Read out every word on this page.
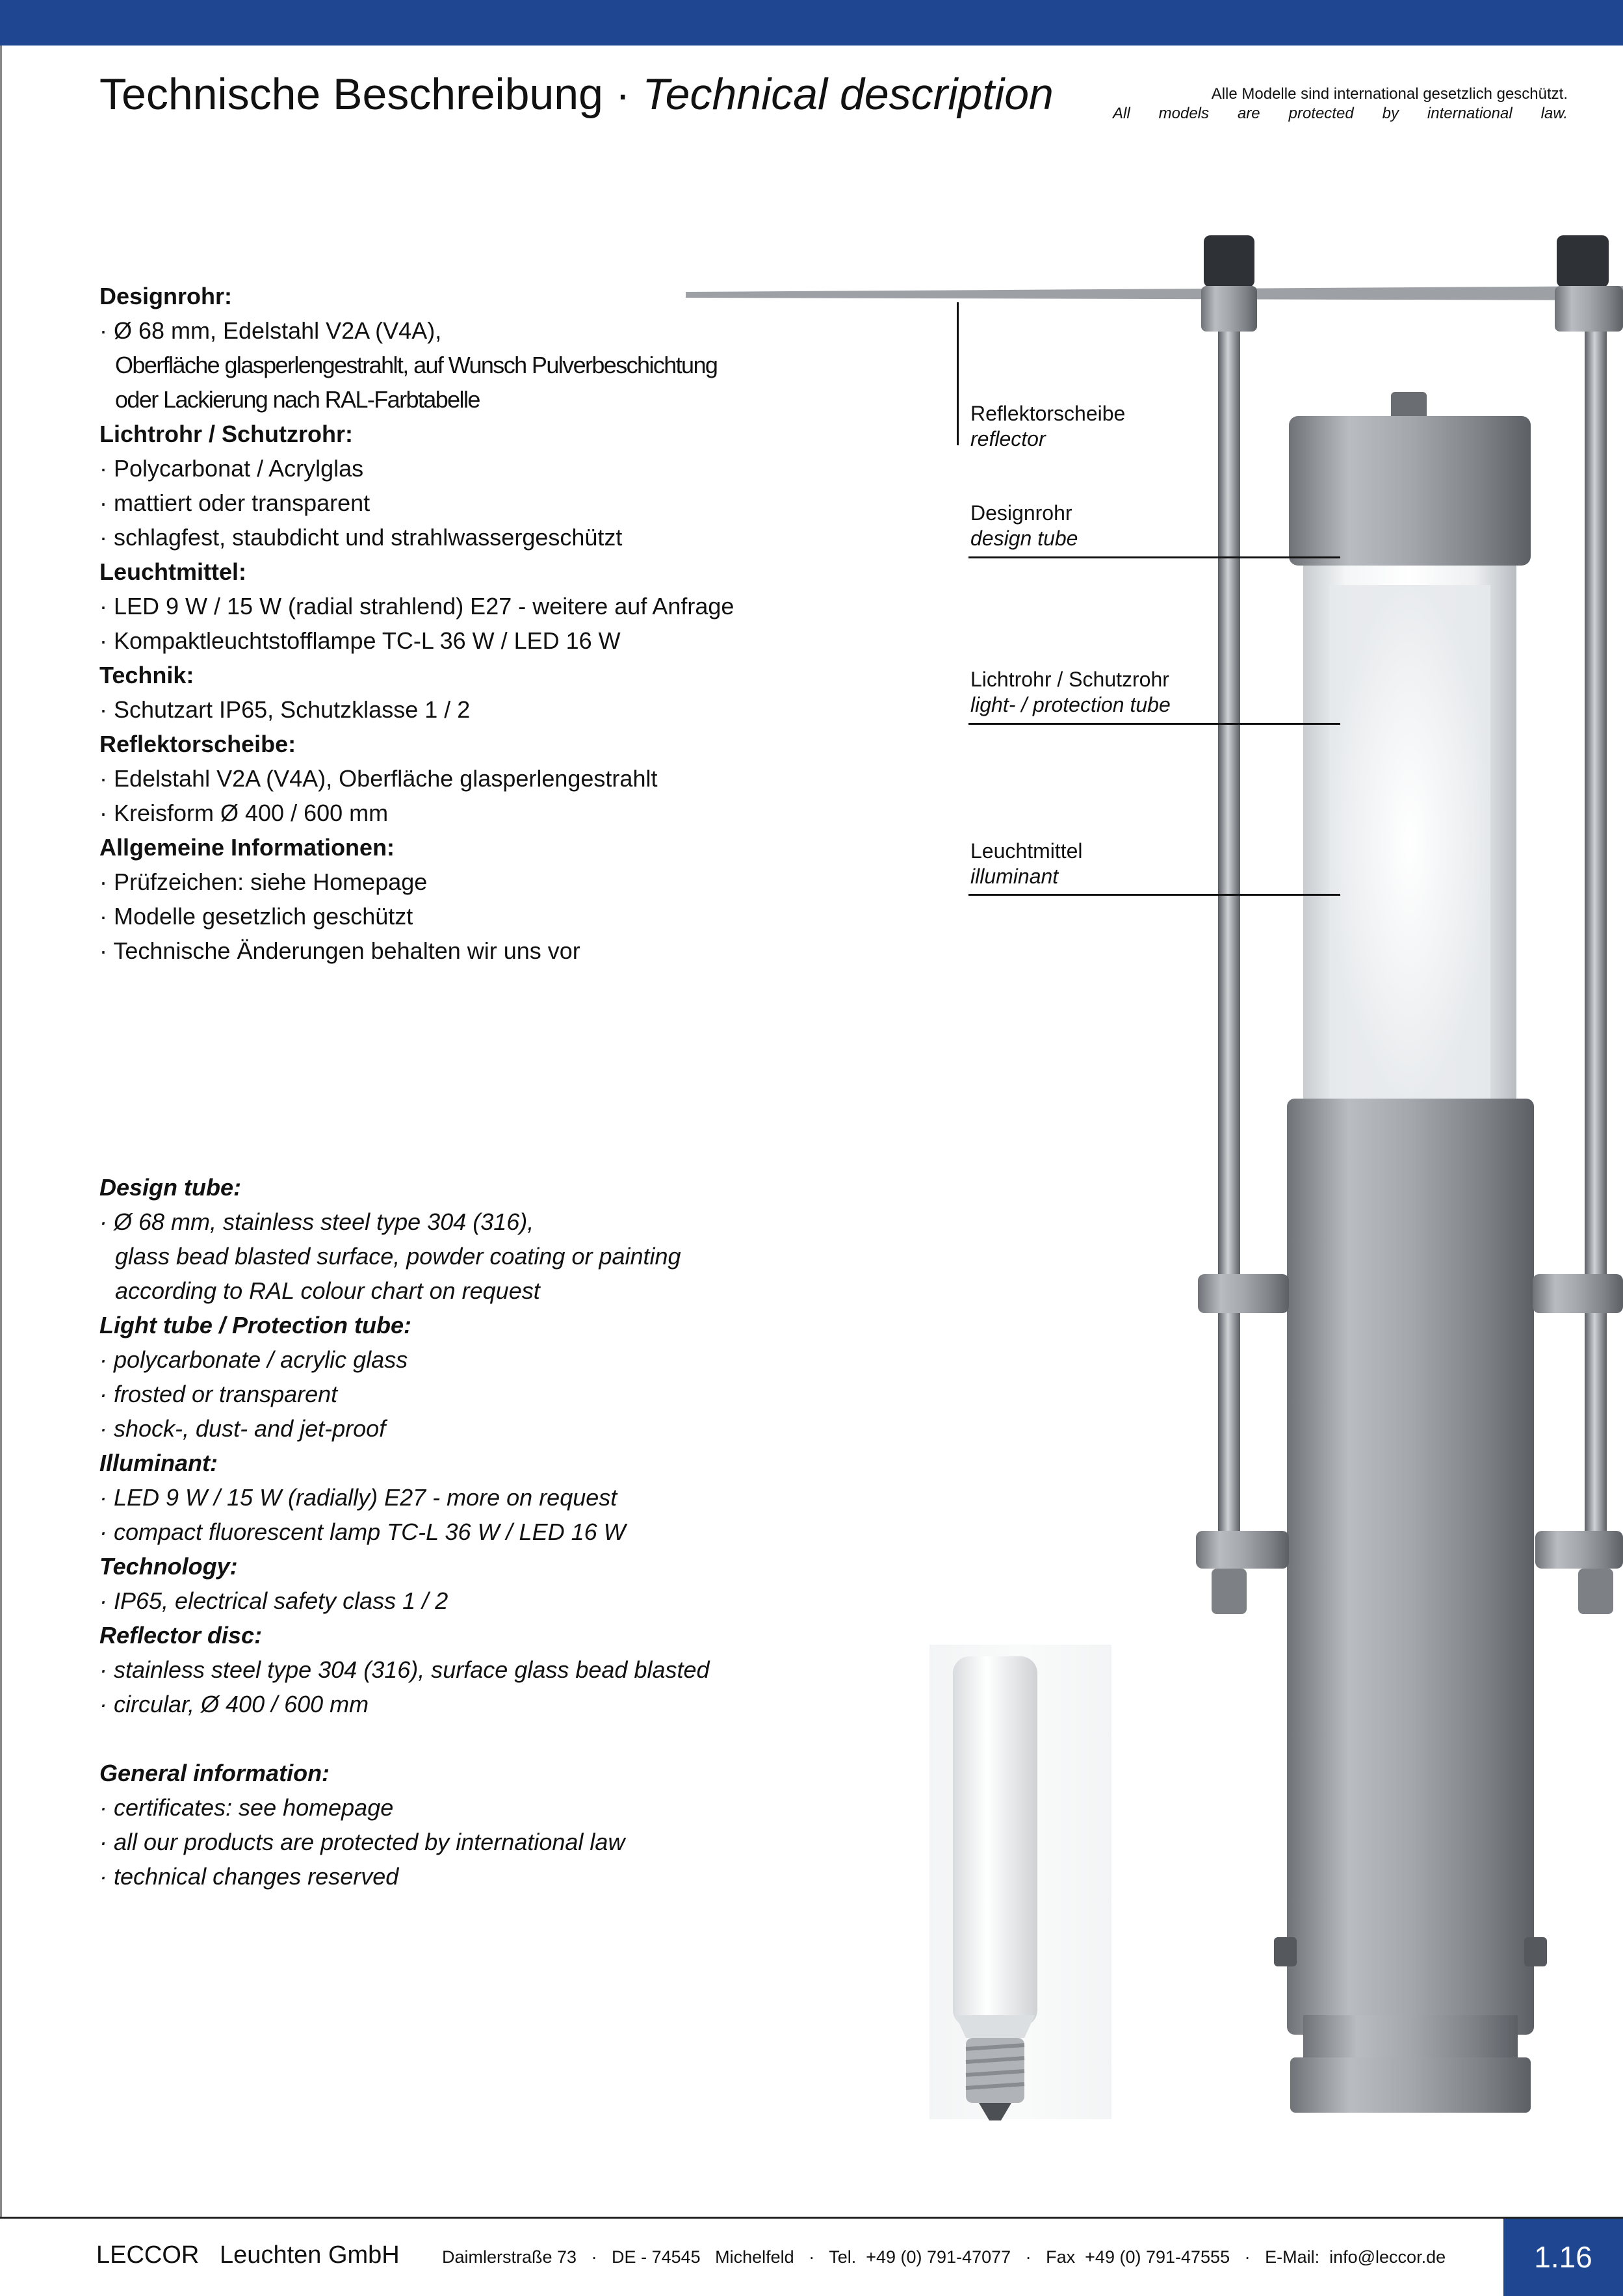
Technische Beschreibung · Technical description	Alle Modelle sind international gesetzlich geschützt.
All models are protected by international law.
Reflektorscheibe
reflector
Designrohr
design tube
Lichtrohr / Schutzrohr
light- / protection tube
Leuchtmittel
illuminant
Designrohr:
· Ø 68 mm, Edelstahl V2A (V4A),
Oberfläche glasperlengestrahlt, auf Wunsch Pulverbeschichtung
oder Lackierung nach RAL-Farbtabelle
Lichtrohr / Schutzrohr:
· Polycarbonat / Acrylglas
· mattiert oder transparent
· schlagfest, staubdicht und strahlwassergeschützt
Leuchtmittel:
· LED 9 W / 15 W (radial strahlend) E27 - weitere auf Anfrage
· Kompaktleuchtstofflampe TC-L 36 W / LED 16 W
Technik:
· Schutzart IP65, Schutzklasse 1 / 2
Reflektorscheibe:
· Edelstahl V2A (V4A), Oberfläche glasperlengestrahlt
· Kreisform Ø 400 / 600 mm
Allgemeine Informationen:
· Prüfzeichen: siehe Homepage
· Modelle gesetzlich geschützt
· Technische Änderungen behalten wir uns vor
Design tube:
· Ø 68 mm, stainless steel type 304 (316),
glass bead blasted surface, powder coating or painting
according to RAL colour chart on request
Light tube / Protection tube:
· polycarbonate / acrylic glass
· frosted or transparent
· shock-, dust- and jet-proof
Illuminant:
· LED 9 W / 15 W (radially) E27 - more on request
· compact fluorescent lamp TC-L 36 W / LED 16 W
Technology:
· IP65, electrical safety class 1 / 2
Reflector disc:
· stainless steel type 304 (316), surface glass bead blasted
· circular, Ø 400 / 600 mm
General information:
· certificates: see homepage
· all our products are protected by international law
· technical changes reserved
LECCOR   Leuchten GmbH Daimlerstraße 73   ·   DE - 74545   Michelfeld   ·   Tel.  +49 (0) 791-47077   ·   Fax  +49 (0) 791-47555   ·   E-Mail:  info@leccor.de	1.16
